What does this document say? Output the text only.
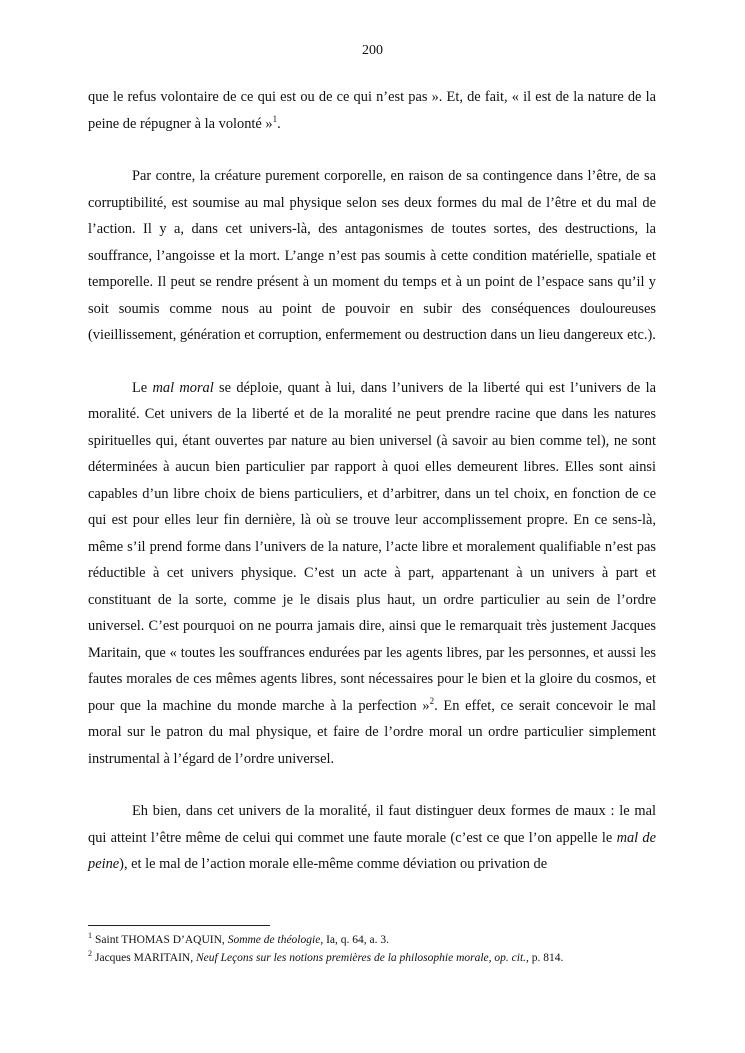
200

que le refus volontaire de ce qui est ou de ce qui n’est pas ». Et, de fait, « il est de la nature de la peine de répugner à la volonté »$^1$.

Par contre, la créature purement corporelle, en raison de sa contingence dans l’être, de sa corruptibilité, est soumise au mal physique selon ses deux formes du mal de l’être et du mal de l’action. Il y a, dans cet univers-là, des antagonismes de toutes sortes, des destructions, la souffrance, l’angoisse et la mort. L’ange n’est pas soumis à cette condition matérielle, spatiale et temporelle. Il peut se rendre présent à un moment du temps et à un point de l’espace sans qu’il y soit soumis comme nous au point de pouvoir en subir des conséquences douloureuses (vieillissement, génération et corruption, enfermement ou destruction dans un lieu dangereux etc.).

Le mal moral se déploie, quant à lui, dans l’univers de la liberté qui est l’univers de la moralité. Cet univers de la liberté et de la moralité ne peut prendre racine que dans les natures spirituelles qui, étant ouvertes par nature au bien universel (à savoir au bien comme tel), ne sont déterminées à aucun bien particulier par rapport à quoi elles demeurent libres. Elles sont ainsi capables d’un libre choix de biens particuliers, et d’arbitrer, dans un tel choix, en fonction de ce qui est pour elles leur fin dernière, là où se trouve leur accomplissement propre. En ce sens-là, même s’il prend forme dans l’univers de la nature, l’acte libre et moralement qualifiable n’est pas réductible à cet univers physique. C’est un acte à part, appartenant à un univers à part et constituant de la sorte, comme je le disais plus haut, un ordre particulier au sein de l’ordre universel. C’est pourquoi on ne pourra jamais dire, ainsi que le remarquait très justement Jacques Maritain, que « toutes les souffrances endurées par les agents libres, par les personnes, et aussi les fautes morales de ces mêmes agents libres, sont nécessaires pour le bien et la gloire du cosmos, et pour que la machine du monde marche à la perfection »$^2$. En effet, ce serait concevoir le mal moral sur le patron du mal physique, et faire de l’ordre moral un ordre particulier simplement instrumental à l’égard de l’ordre universel.

Eh bien, dans cet univers de la moralité, il faut distinguer deux formes de maux : le mal qui atteint l’être même de celui qui commet une faute morale (c’est ce que l’on appelle le mal de peine), et le mal de l’action morale elle-même comme déviation ou privation de

$^1$ Saint THOMAS D’AQUIN, Somme de théologie, Ia, q. 64, a. 3.
$^2$ Jacques MARITAIN, Neuf Leçons sur les notions premières de la philosophie morale, op. cit., p. 814.
